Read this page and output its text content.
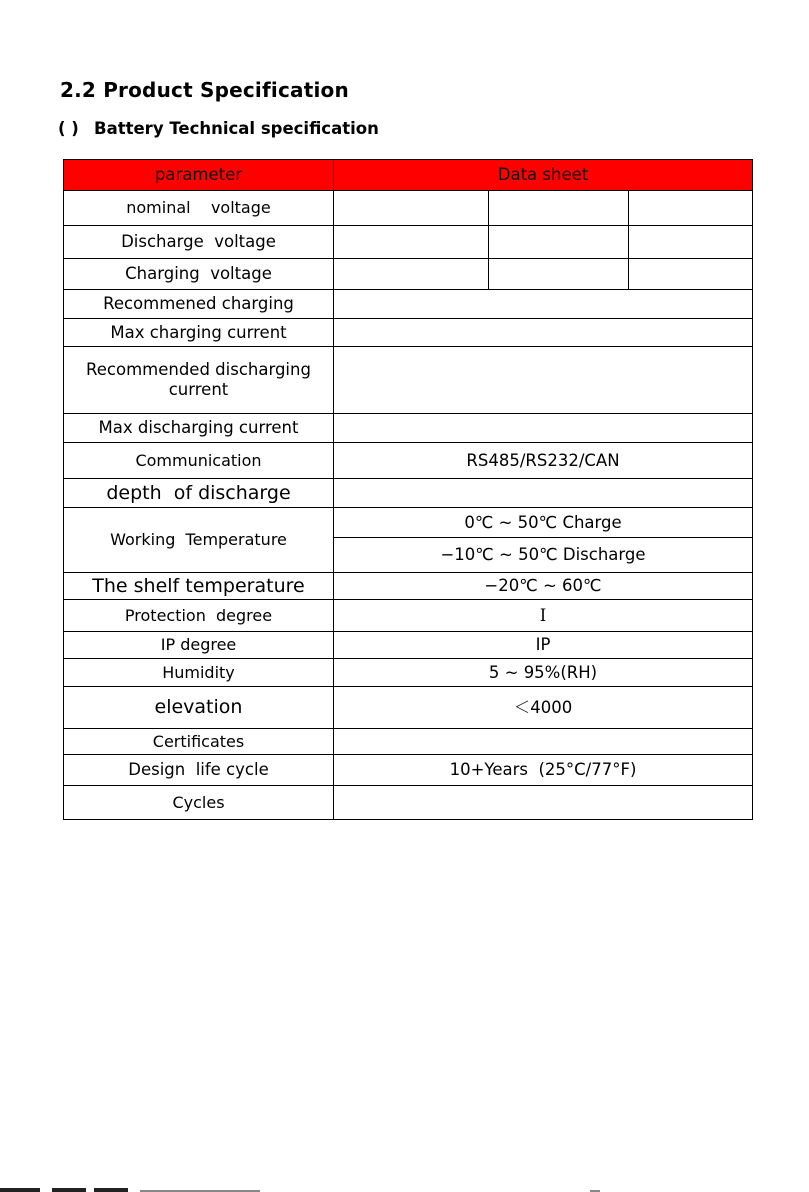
2.2 Product Specification
( ) Battery Technical specification
parameter	Data sheet		
nominal    voltage			
Discharge  voltage			
Charging  voltage			
Recommened charging			
Max charging current			
Recommended discharging current			
Max discharging current			
Communication	RS485/RS232/CAN		
depth  of discharge			
Working  Temperature	0℃ ~ 50℃ Charge		
	−10℃ ~ 50℃ Discharge		
The shelf temperature	−20℃ ~ 60℃		
Protection  degree	I		
IP degree	IP		
Humidity	5 ~ 95%(RH)		
elevation	＜4000		
Certificates			
Design  life cycle	10+Years  (25°C/77°F)		
Cycles			
